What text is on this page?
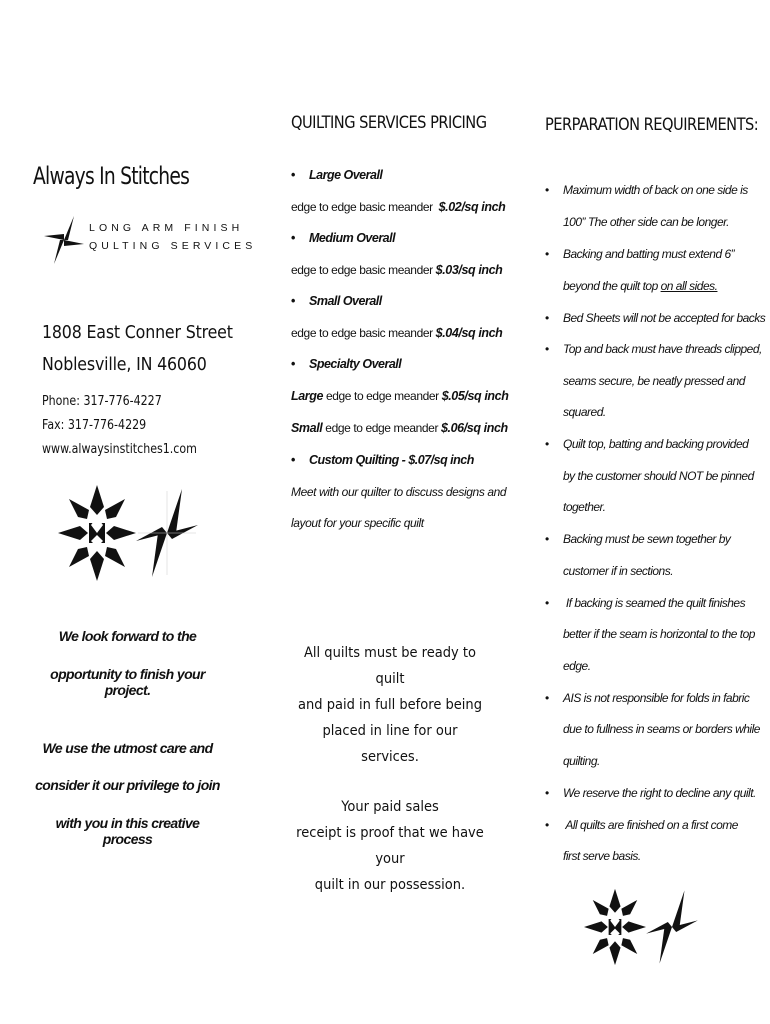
Always In Stitches
LONG ARM FINISH
QULTING SERVICES
1808 East Conner Street
Noblesville, IN 46060
Phone: 317-776-4227
Fax: 317-776-4229
www.alwaysinstitches1.com
We look forward to the
opportunity to finish your project.
We use the utmost care and
consider it our privilege to join
with you in this creative process
QUILTING SERVICES PRICING
• Large Overall
edge to edge basic meander $.02/sq inch
• Medium Overall
edge to edge basic meander $.03/sq inch
• Small Overall
edge to edge basic meander $.04/sq inch
• Specialty Overall
Large edge to edge meander $.05/sq inch
Small edge to edge meander $.06/sq inch
• Custom Quilting - $.07/sq inch
Meet with our quilter to discuss designs and
layout for your specific quilt
All quilts must be ready to quilt
and paid in full before being
placed in line for our services.
Your paid sales
receipt is proof that we have your
quilt in our possession.
PERPARATION REQUIREMENTS:
• Maximum width of back on one side is
100” The other side can be longer.
• Backing and batting must extend 6”
beyond the quilt top on all sides.
• Bed Sheets will not be accepted for backs
• Top and back must have threads clipped,
seams secure, be neatly pressed and
squared.
• Quilt top, batting and backing provided
by the customer should NOT be pinned
together.
• Backing must be sewn together by
customer if in sections.
• If backing is seamed the quilt finishes
better if the seam is horizontal to the top
edge.
• AIS is not responsible for folds in fabric
due to fullness in seams or borders while
quilting.
• We reserve the right to decline any quilt.
• All quilts are finished on a first come
first serve basis.
